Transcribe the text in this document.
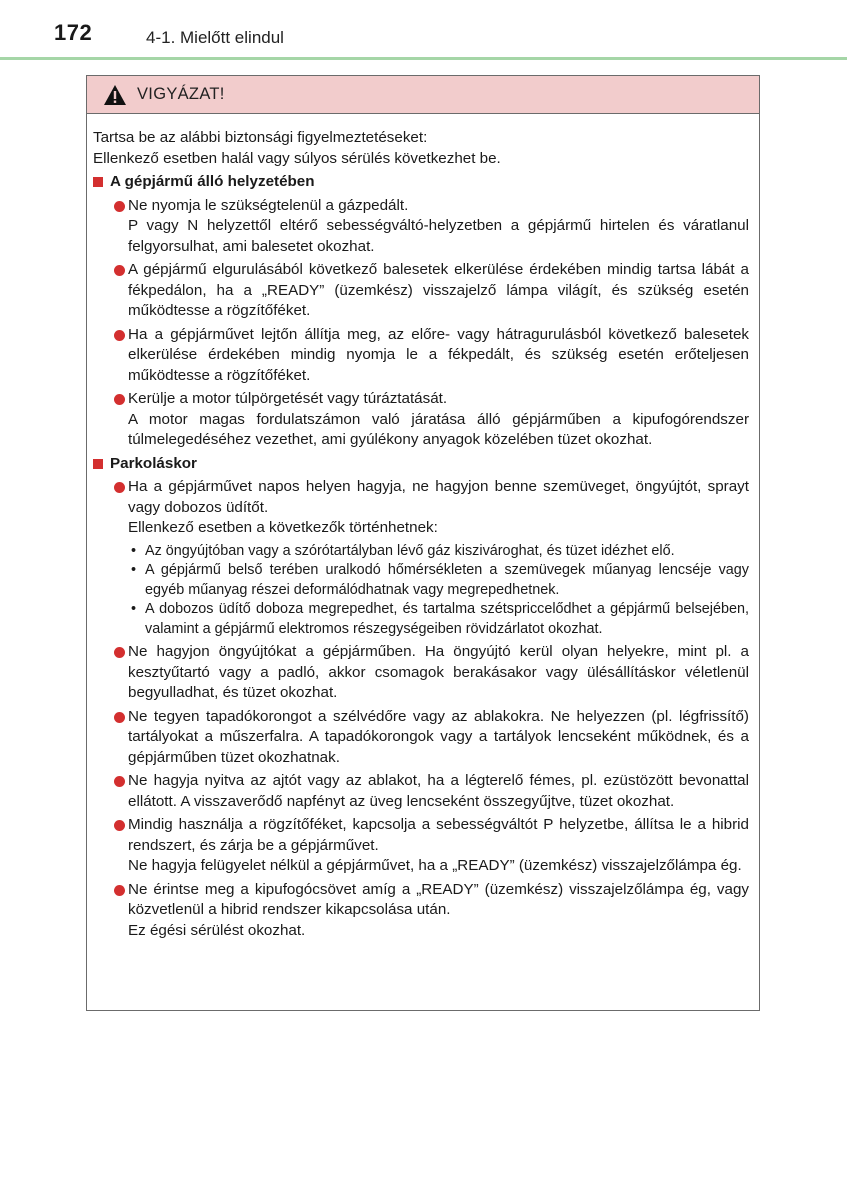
172	4-1. Mielőtt elindul
VIGYÁZAT!

Tartsa be az alábbi biztonsági figyelmeztetéseket:

Ellenkező esetben halál vagy súlyos sérülés következhet be.

A gépjármű álló helyzetében
Ne nyomja le szükségtelenül a gázpedált.
P vagy N helyzettől eltérő sebességváltó-helyzetben a gépjármű hirtelen és váratlanul felgyorsulhat, ami balesetet okozhat.
A gépjármű elgurulásából következő balesetek elkerülése érdekében mindig tartsa lábát a fékpedálon, ha a „READY” (üzemkész) visszajelző lámpa világít, és szükség esetén működtesse a rögzítőféket.
Ha a gépjárművet lejtőn állítja meg, az előre- vagy hátragurulásból következő balesetek elkerülése érdekében mindig nyomja le a fékpedált, és szükség esetén erőteljesen működtesse a rögzítőféket.
Kerülje a motor túlpörgetését vagy túráztatását.
A motor magas fordulatszámon való járatása álló gépjárműben a kipufogórendszer túlmelegedéséhez vezethet, ami gyúlékony anyagok közelében tüzet okozhat.
Parkoláskor
Ha a gépjárművet napos helyen hagyja, ne hagyjon benne szemüveget, öngyújtót, sprayt vagy dobozos üdítőt.
Ellenkező esetben a következők történhetnek:
• Az öngyújtóban vagy a szórótartályban lévő gáz kiszivároghat, és tüzet idézhet elő.
• A gépjármű belső terében uralkodó hőmérsékleten a szemüvegek műanyag lencséje vagy egyéb műanyag részei deformálódhatnak vagy megrepedhetnek.
• A dobozos üdítő doboza megrepedhet, és tartalma szétspriccelődhet a gépjármű belsejében, valamint a gépjármű elektromos részegységeiben rövidzárlatot okozhat.
Ne hagyjon öngyújtókat a gépjárműben. Ha öngyújtó kerül olyan helyekre, mint pl. a kesztyűtartó vagy a padló, akkor csomagok berakásakor vagy ülésállításkor véletlenül begyulladhat, és tüzet okozhat.
Ne tegyen tapadókorongot a szélvédőre vagy az ablakokra. Ne helyezzen (pl. légfrissítő) tartályokat a műszerfalra. A tapadókorongok vagy a tartályok lencseként működnek, és a gépjárműben tüzet okozhatnak.
Ne hagyja nyitva az ajtót vagy az ablakot, ha a légterelő fémes, pl. ezüstözött bevonattal ellátott. A visszaverődő napfényt az üveg lencseként összegyűjtve, tüzet okozhat.
Mindig használja a rögzítőféket, kapcsolja a sebességváltót P helyzetbe, állítsa le a hibrid rendszert, és zárja be a gépjárművet.
Ne hagyja felügyelet nélkül a gépjárművet, ha a „READY” (üzemkész) visszajelzőlámpa ég.
Ne érintse meg a kipufogócsövet amíg a „READY” (üzemkész) visszajelzőlámpa ég, vagy közvetlenül a hibrid rendszer kikapcsolása után.
Ez égési sérülést okozhat.
